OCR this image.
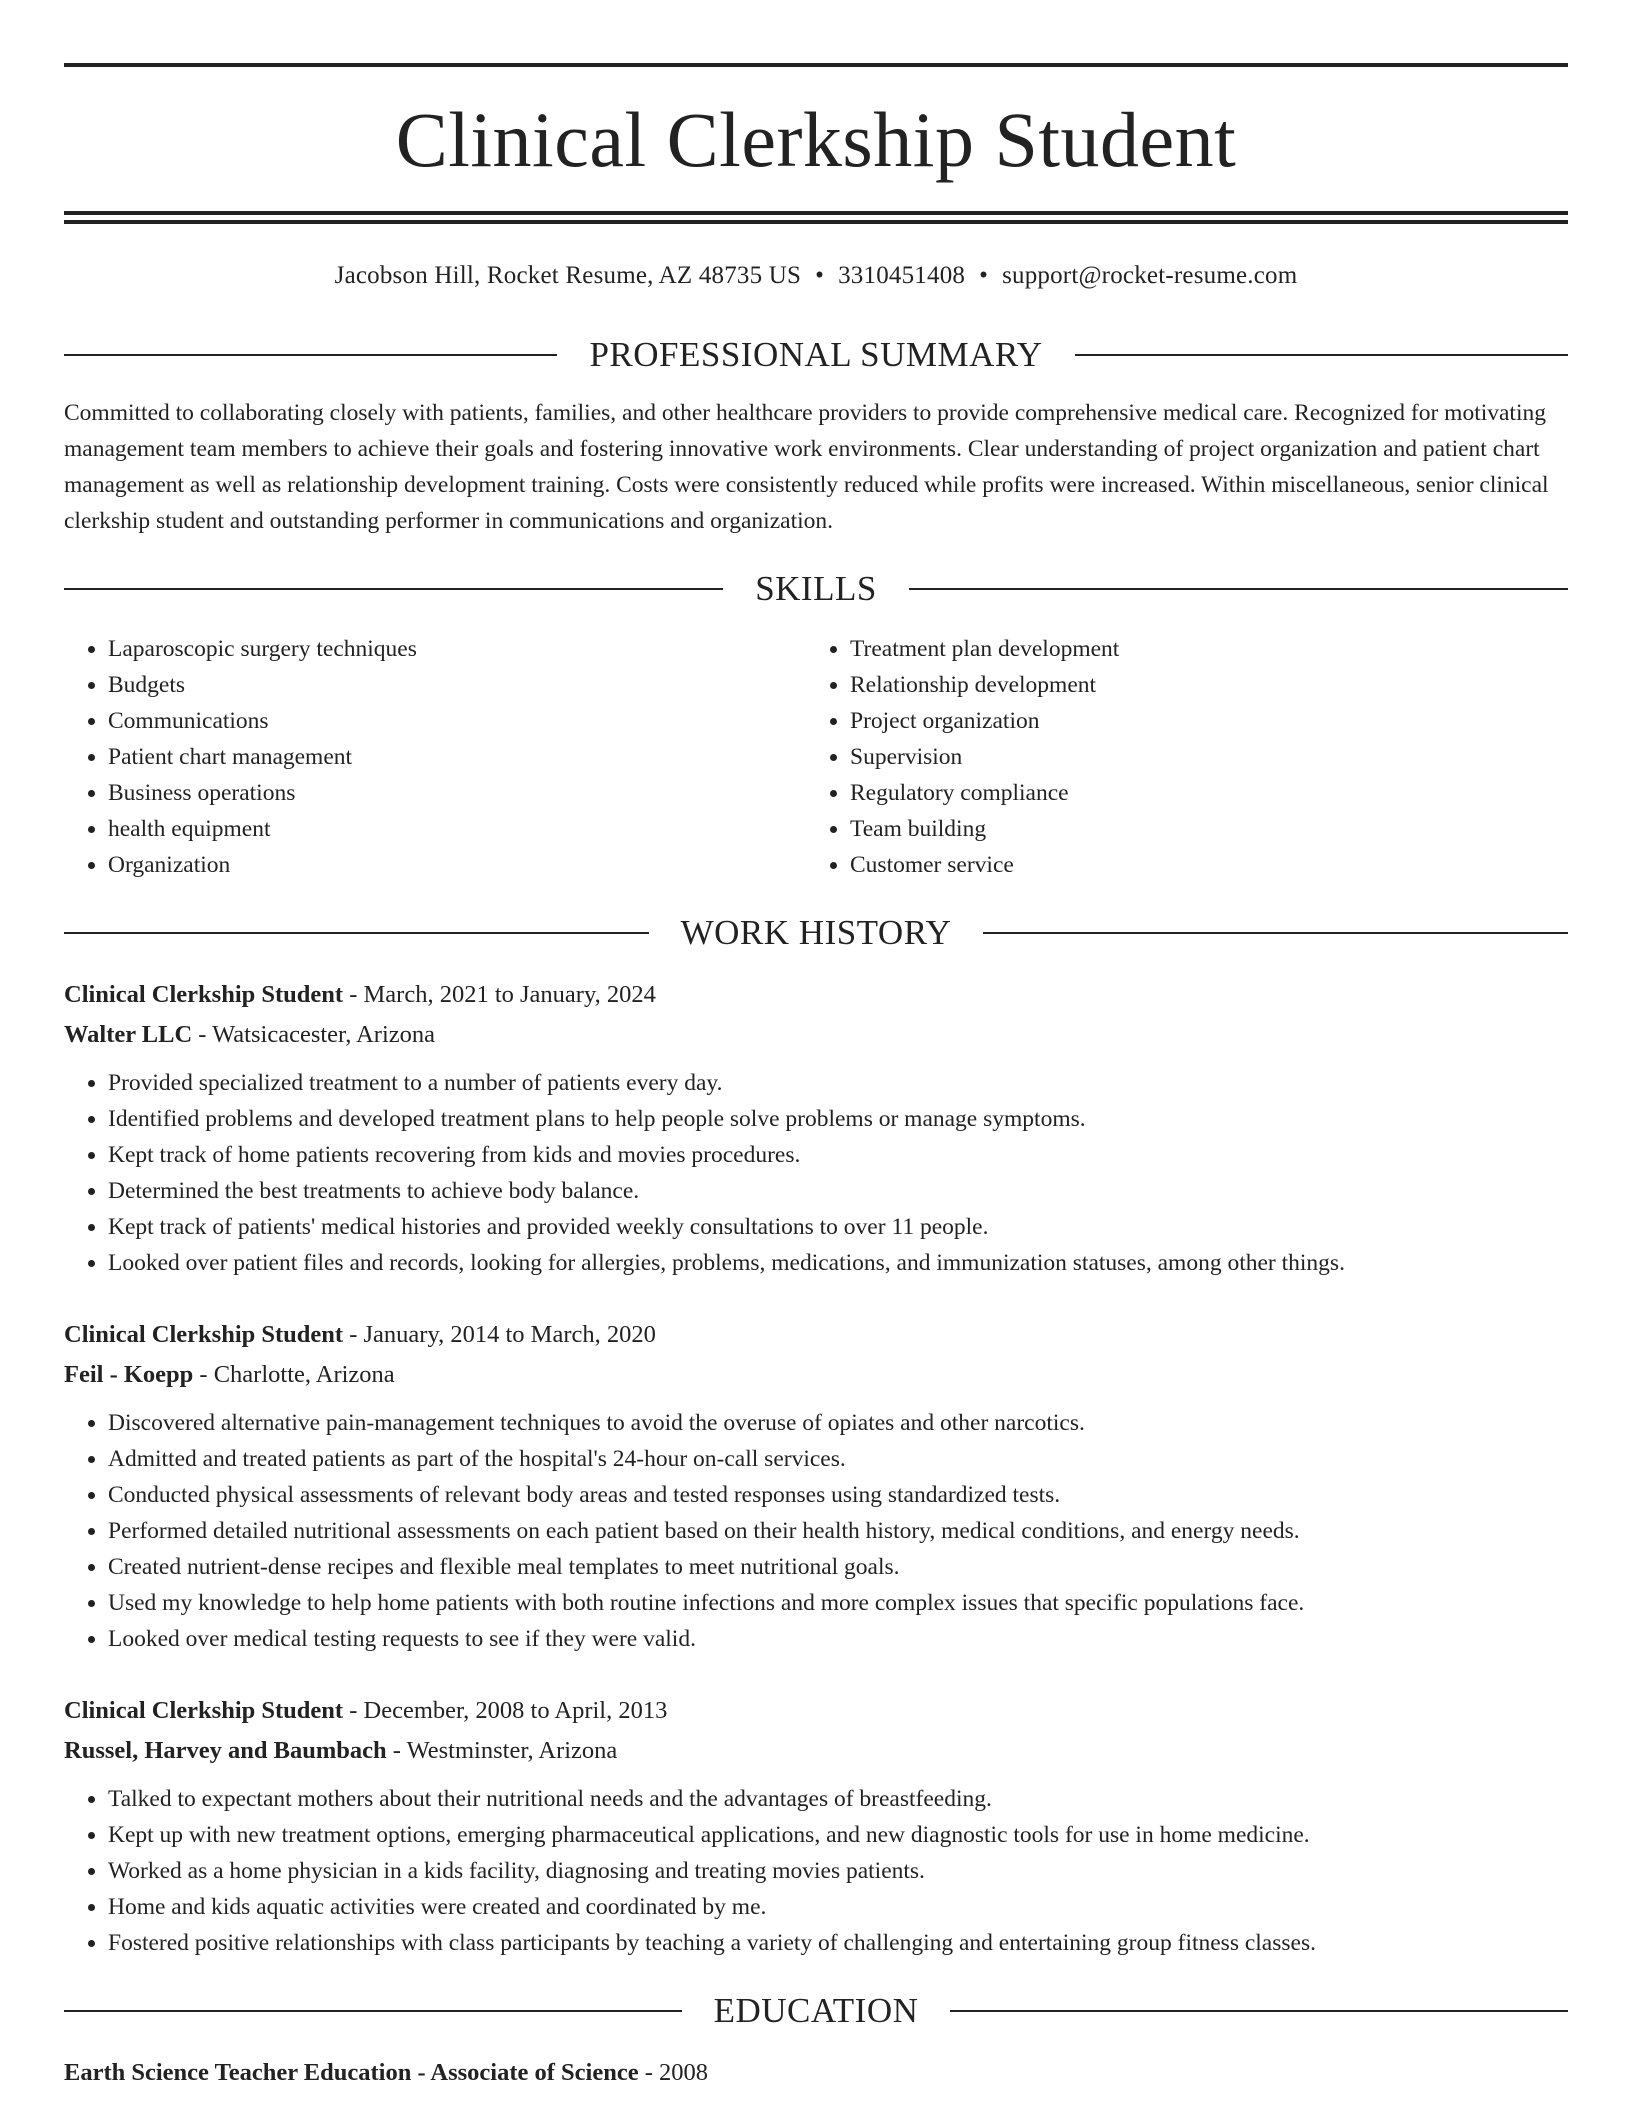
Clinical Clerkship Student
Jacobson Hill, Rocket Resume, AZ 48735 US • 3310451408 • support@rocket-resume.com
PROFESSIONAL SUMMARY
Committed to collaborating closely with patients, families, and other healthcare providers to provide comprehensive medical care. Recognized for motivating management team members to achieve their goals and fostering innovative work environments. Clear understanding of project organization and patient chart management as well as relationship development training. Costs were consistently reduced while profits were increased. Within miscellaneous, senior clinical clerkship student and outstanding performer in communications and organization.
SKILLS
• Laparoscopic surgery techniques
• Budgets
• Communications
• Patient chart management
• Business operations
• health equipment
• Organization
• Treatment plan development
• Relationship development
• Project organization
• Supervision
• Regulatory compliance
• Team building
• Customer service
WORK HISTORY
Clinical Clerkship Student - March, 2021 to January, 2024
Walter LLC - Watsicacester, Arizona
• Provided specialized treatment to a number of patients every day.
• Identified problems and developed treatment plans to help people solve problems or manage symptoms.
• Kept track of home patients recovering from kids and movies procedures.
• Determined the best treatments to achieve body balance.
• Kept track of patients' medical histories and provided weekly consultations to over 11 people.
• Looked over patient files and records, looking for allergies, problems, medications, and immunization statuses, among other things.
Clinical Clerkship Student - January, 2014 to March, 2020
Feil - Koepp - Charlotte, Arizona
• Discovered alternative pain-management techniques to avoid the overuse of opiates and other narcotics.
• Admitted and treated patients as part of the hospital's 24-hour on-call services.
• Conducted physical assessments of relevant body areas and tested responses using standardized tests.
• Performed detailed nutritional assessments on each patient based on their health history, medical conditions, and energy needs.
• Created nutrient-dense recipes and flexible meal templates to meet nutritional goals.
• Used my knowledge to help home patients with both routine infections and more complex issues that specific populations face.
• Looked over medical testing requests to see if they were valid.
Clinical Clerkship Student - December, 2008 to April, 2013
Russel, Harvey and Baumbach - Westminster, Arizona
• Talked to expectant mothers about their nutritional needs and the advantages of breastfeeding.
• Kept up with new treatment options, emerging pharmaceutical applications, and new diagnostic tools for use in home medicine.
• Worked as a home physician in a kids facility, diagnosing and treating movies patients.
• Home and kids aquatic activities were created and coordinated by me.
• Fostered positive relationships with class participants by teaching a variety of challenging and entertaining group fitness classes.
EDUCATION
Earth Science Teacher Education - Associate of Science - 2008
